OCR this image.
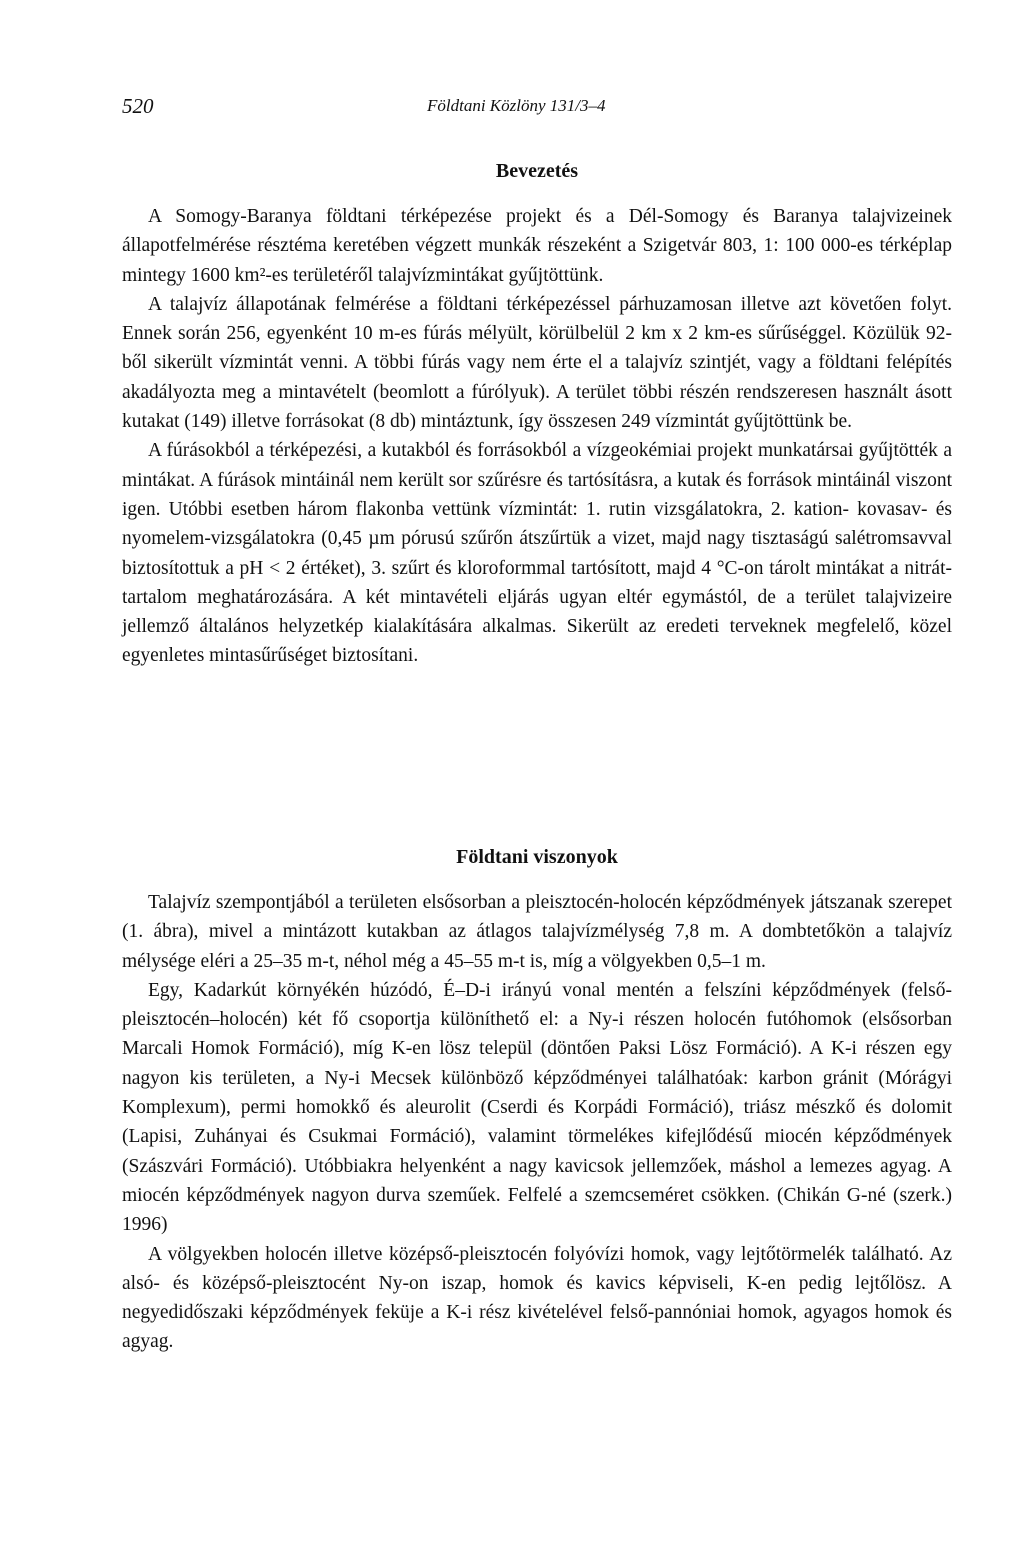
520	Földtani Közlöny 131/3–4
Bevezetés

A Somogy-Baranya földtani térképezése projekt és a Dél-Somogy és Baranya talajvizeinek állapotfelmérése résztéma keretében végzett munkák részeként a Szigetvár 803, 1: 100 000-es térképlap mintegy 1600 km²-es területéről talajvízmintákat gyűjtöttünk.

A talajvíz állapotának felmérése a földtani térképezéssel párhuzamosan illetve azt követően folyt. Ennek során 256, egyenként 10 m-es fúrás mélyült, körülbelül 2 km x 2 km-es sűrűséggel. Közülük 92-ből sikerült vízmintát venni. A többi fúrás vagy nem érte el a talajvíz szintjét, vagy a földtani felépítés akadályozta meg a mintavételt (beomlott a fúrólyuk). A terület többi részén rendszeresen használt ásott kutakat (149) illetve forrásokat (8 db) mintáztunk, így összesen 249 vízmintát gyűjtöttünk be.

A fúrásokból a térképezési, a kutakból és forrásokból a vízgeokémiai projekt munkatársai gyűjtötték a mintákat. A fúrások mintáinál nem került sor szűrésre és tartósításra, a kutak és források mintáinál viszont igen. Utóbbi esetben három flakonba vettünk vízmintát: 1. rutin vizsgálatokra, 2. kation- kovasav- és nyomelem-vizsgálatokra (0,45 µm pórusú szűrőn átszűrtük a vizet, majd nagy tisztaságú salétromsavval biztosítottuk a pH < 2 értéket), 3. szűrt és kloroformmal tartósított, majd 4 °C-on tárolt mintákat a nitrát-tartalom meghatározására. A két mintavételi eljárás ugyan eltér egymástól, de a terület talajvizeire jellemző általános helyzetkép kialakítására alkalmas. Sikerült az eredeti terveknek megfelelő, közel egyenletes mintasűrűséget biztosítani.

Földtani viszonyok

Talajvíz szempontjából a területen elsősorban a pleisztocén-holocén képződmények játszanak szerepet (1. ábra), mivel a mintázott kutakban az átlagos talajvízmélység 7,8 m. A dombtetőkön a talajvíz mélysége eléri a 25–35 m-t, néhol még a 45–55 m-t is, míg a völgyekben 0,5–1 m.

Egy, Kadarkút környékén húzódó, É–D-i irányú vonal mentén a felszíni képződmények (felső-pleisztocén–holocén) két fő csoportja különíthető el: a Ny-i részen holocén futóhomok (elsősorban Marcali Homok Formáció), míg K-en lösz települ (döntően Paksi Lösz Formáció). A K-i részen egy nagyon kis területen, a Ny-i Mecsek különböző képződményei találhatóak: karbon gránit (Mórágyi Komplexum), permi homokkő és aleurolit (Cserdi és Korpádi Formáció), triász mészkő és dolomit (Lapisi, Zuhányai és Csukmai Formáció), valamint törmelékes kifejlődésű miocén képződmények (Szászvári Formáció). Utóbbiakra helyenként a nagy kavicsok jellemzőek, máshol a lemezes agyag. A miocén képződmények nagyon durva szeműek. Felfelé a szemcseméret csökken. (Chikán G-né (szerk.) 1996)

A völgyekben holocén illetve középső-pleisztocén folyóvízi homok, vagy lejtőtörmelék található. Az alsó- és középső-pleisztocént Ny-on iszap, homok és kavics képviseli, K-en pedig lejtőlösz. A negyedidőszaki képződmények feküje a K-i rész kivételével felső-pannóniai homok, agyagos homok és agyag.
